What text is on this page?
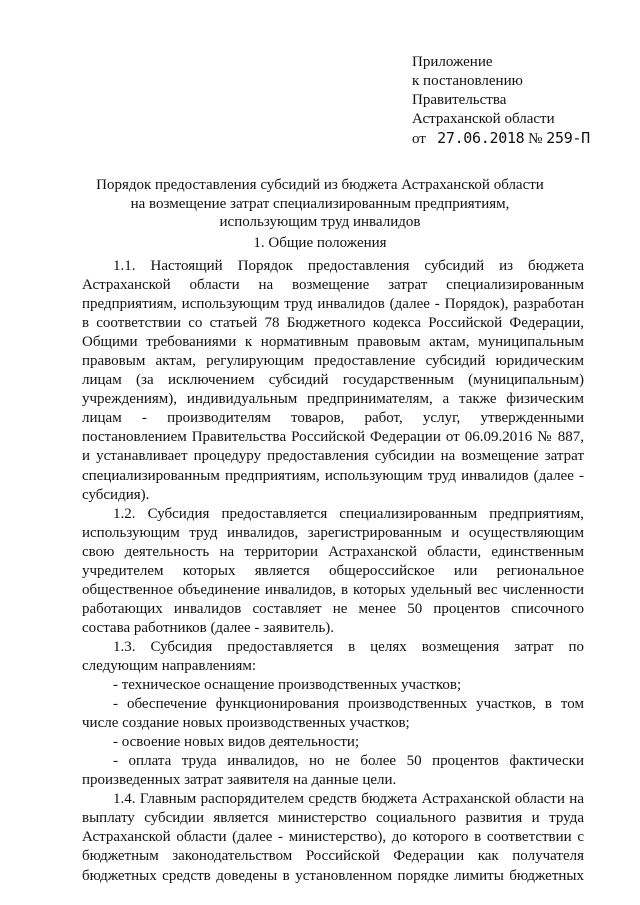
Приложение
к постановлению
Правительства
Астраханской области
от 27.06.2018 № 259-П
Порядок предоставления субсидий из бюджета Астраханской области
на возмещение затрат специализированным предприятиям,
использующим труд инвалидов
1. Общие положения

1.1. Настоящий Порядок предоставления субсидий из бюджета Астраханской области на возмещение затрат специализированным предприятиям, использующим труд инвалидов (далее - Порядок), разработан в соответствии со статьей 78 Бюджетного кодекса Российской Федерации, Общими требованиями к нормативным правовым актам, муниципальным правовым актам, регулирующим предоставление субсидий юридическим лицам (за исключением субсидий государственным (муниципальным) учреждениям), индивидуальным предпринимателям, а также физическим лицам - производителям товаров, работ, услуг, утвержденными постановлением Правительства Российской Федерации от 06.09.2016 № 887, и устанавливает процедуру предоставления субсидии на возмещение затрат специализированным предприятиям, использующим труд инвалидов (далее - субсидия).

1.2. Субсидия предоставляется специализированным предприятиям, использующим труд инвалидов, зарегистрированным и осуществляющим свою деятельность на территории Астраханской области, единственным учредителем которых является общероссийское или региональное общественное объединение инвалидов, в которых удельный вес численности работающих инвалидов составляет не менее 50 процентов списочного состава работников (далее - заявитель).

1.3. Субсидия предоставляется в целях возмещения затрат по следующим направлениям:

- техническое оснащение производственных участков;

- обеспечение функционирования производственных участков, в том числе создание новых производственных участков;

- освоение новых видов деятельности;

- оплата труда инвалидов, но не более 50 процентов фактически произведенных затрат заявителя на данные цели.

1.4. Главным распорядителем средств бюджета Астраханской области на выплату субсидии является министерство социального развития и труда Астраханской области (далее - министерство), до которого в соответствии с бюджетным законодательством Российской Федерации как получателя бюджетных средств доведены в установленном порядке лимиты бюджетных
